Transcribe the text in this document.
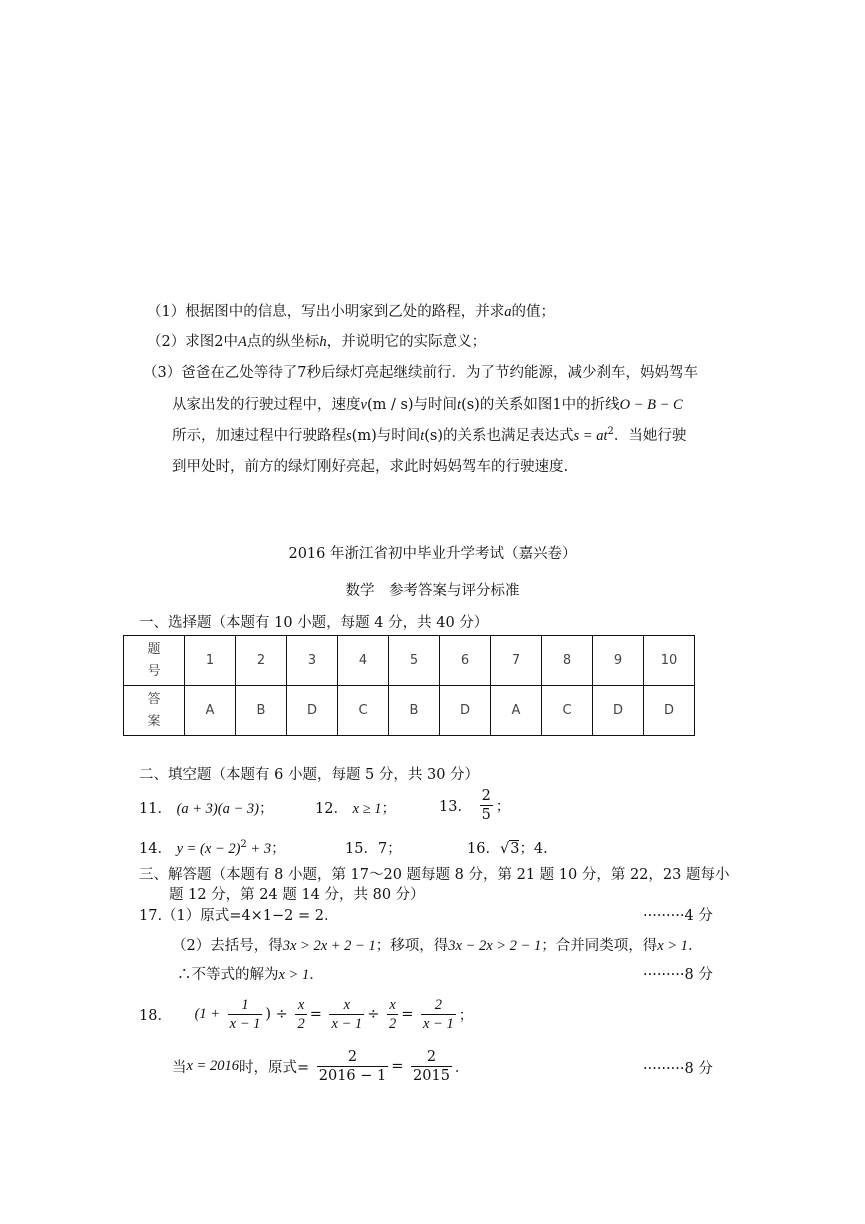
（1）根据图中的信息，写出小明家到乙处的路程，并求a的值；
（2）求图2中A点的纵坐标h，并说明它的实际意义；
（3）爸爸在乙处等待了7秒后绿灯亮起继续前行．为了节约能源，减少刹车，妈妈驾车
从家出发的行驶过程中，速度v(m / s)与时间t(s)的关系如图1中的折线O − B − C
所示，加速过程中行驶路程s(m)与时间t(s)的关系也满足表达式$s = at^2$．当她行驶
到甲处时，前方的绿灯刚好亮起，求此时妈妈驾车的行驶速度.
2016 年浙江省初中毕业升学考试（嘉兴卷）
数学　参考答案与评分标准
一、选择题（本题有 10 小题，每题 4 分，共 40 分）
题号	1	2	3	4	5	6	7	8	9	10
答案	A	B	D	C	B	D	A	C	D	D
二、填空题（本题有 6 小题，每题 5 分，共 30 分）
11． (a + 3)(a − 3)；	12． x ≥ 1；	13． $\frac{2}{5}$ ；
14． $y = (x - 2)^2 + 3$；	15．7；	16．√3；4.
三、解答题（本题有 8 小题，第 17～20 题每题 8 分，第 21 题 10 分，第 22，23 题每小
题 12 分，第 24 题 14 分，共 80 分）
17.（1）原式=4×1−2 = 2．	·········4 分
（2）去括号，得3x > 2x + 2 − 1；移项，得3x − 2x > 2 − 1；合并同类项，得x > 1．
∴不等式的解为x > 1．	·········8 分
18． ($1 + \frac{1}{x - 1}$ ) ÷ $\frac{x}{2} = \frac{x}{x - 1} \div \frac{x}{2} = \frac{2}{x - 1}$ ；
当x = 2016时，原式= $\frac{2}{2016 - 1} = \frac{2}{2015}$ ．	·········8 分
